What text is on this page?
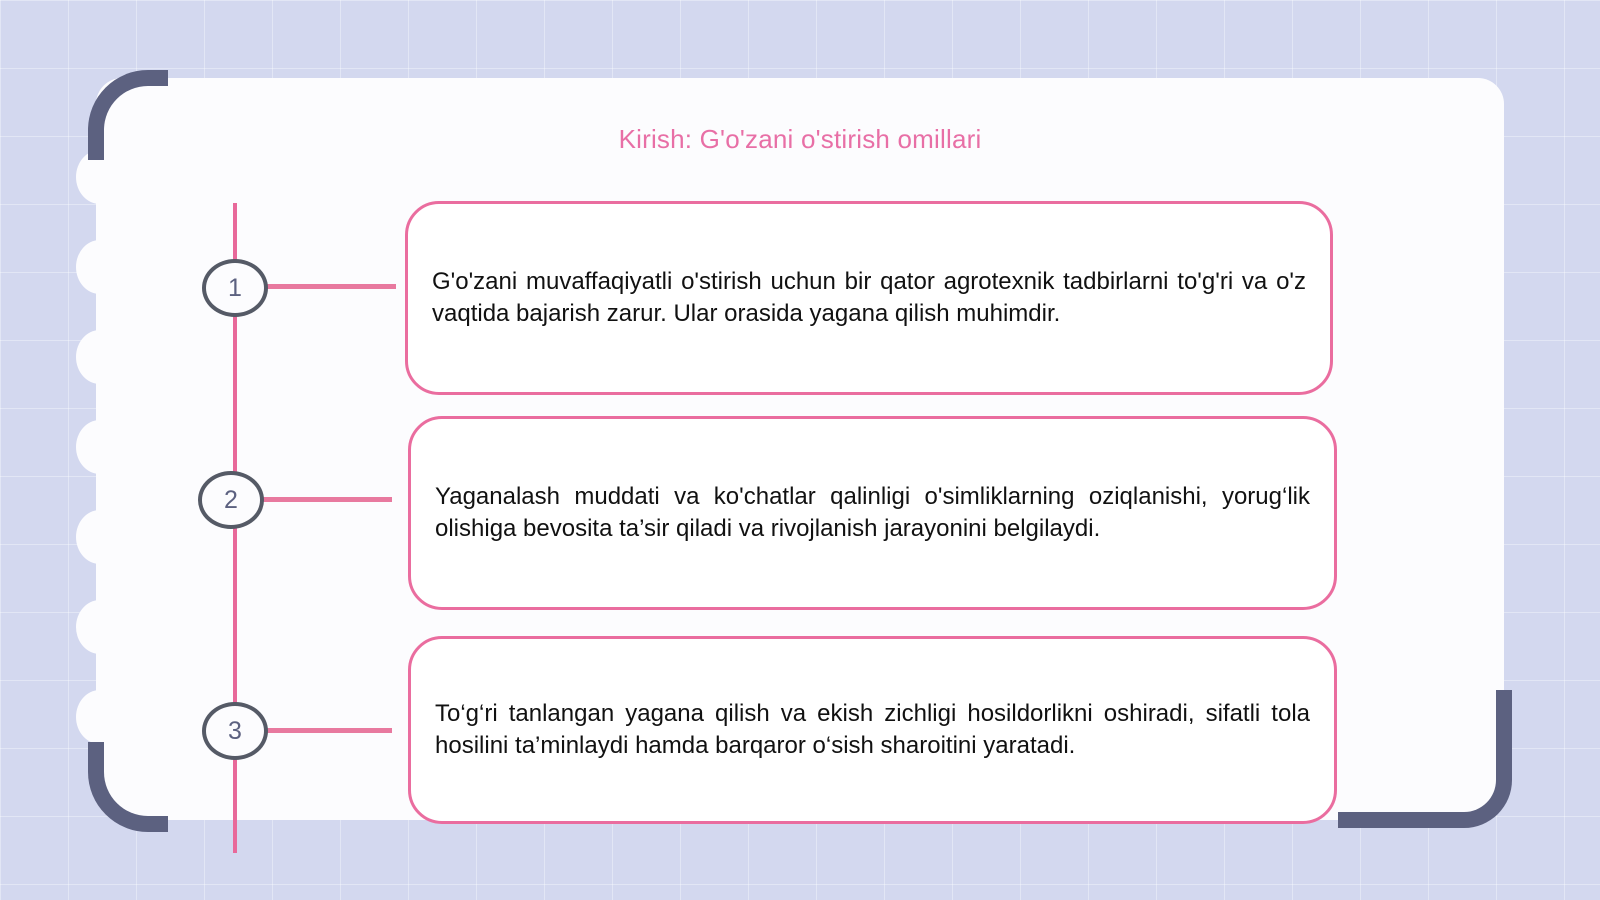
Kirish: G'o'zani o'stirish omillari
1
2
3
G'o'zani muvaffaqiyatli o'stirish uchun bir qator agrotexnik tadbirlarni to'g'ri va o'z vaqtida bajarish zarur. Ular orasida yagana qilish muhimdir.
Yaganalash muddati va ko'chatlar qalinligi o'simliklarning oziqlanishi, yorug‘lik olishiga bevosita ta’sir qiladi va rivojlanish jarayonini belgilaydi.
To‘g‘ri tanlangan yagana qilish va ekish zichligi hosildorlikni oshiradi, sifatli tola hosilini ta’minlaydi hamda barqaror o‘sish sharoitini yaratadi.
